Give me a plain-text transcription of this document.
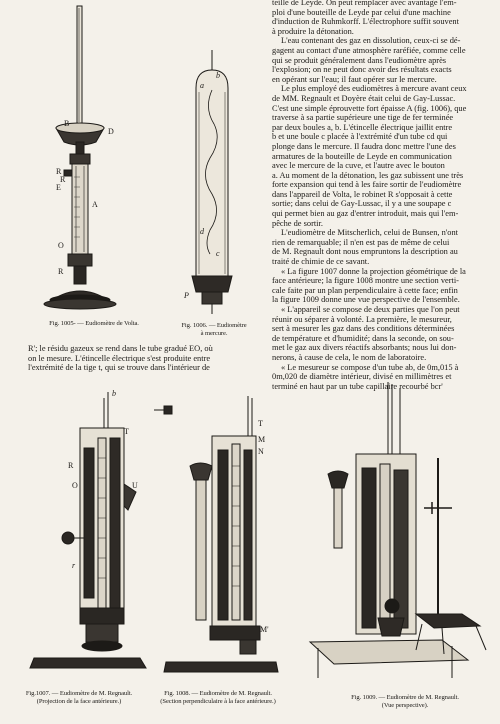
B
D
R
R
E
A
O
R
Fig. 1005- — Eudiomètre de Volta.
b
a
d
c
P
Fig. 1006. — Eudiomètre
à mercure.

R'; le résidu gazeux se rend dans le tube gradué EO, où

on le mesure. L'étincelle électrique s'est produite entre

l'extrémité de la tige t, qui se trouve dans l'intérieur de

teille de Leyde. On peut remplacer avec avantage l'em-

ploi d'une bouteille de Leyde par celui d'une machine

d'induction de Ruhmkorff. L'électrophore suffit souvent

à produire la détonation.

L'eau contenant des gaz en dissolution, ceux-ci se dé-

gagent au contact d'une atmosphère raréfiée, comme celle

qui se produit généralement dans l'eudiomètre après

l'explosion; on ne peut donc avoir des résultats exacts

en opérant sur l'eau; il faut opérer sur le mercure.

Le plus employé des eudiomètres à mercure avant ceux

de MM. Regnault et Doyère était celui de Gay-Lussac.

C'est une simple éprouvette fort épaisse A (fig. 1006), que

traverse à sa partie supérieure une tige de fer terminée

par deux boules a, b. L'étincelle électrique jaillit entre

b et une boule c placée à l'extrémité d'un tube cd qui

plonge dans le mercure. Il faudra donc mettre l'une des

armatures de la bouteille de Leyde en communication

avec le mercure de la cuve, et l'autre avec le bouton

a. Au moment de la détonation, les gaz subissent une très

forte expansion qui tend à les faire sortir de l'eudiomètre

dans l'appareil de Volta, le robinet R s'opposait à cette

sortie; dans celui de Gay-Lussac, il y a une soupape c

qui permet bien au gaz d'entrer introduit, mais qui l'em-

pêche de sortir.

L'eudiomètre de Mitscherlich, celui de Bunsen, n'ont

rien de remarquable; il n'en est pas de même de celui

de M. Regnault dont nous empruntons la description au

traité de chimie de ce savant.

« La figure 1007 donne la projection géométrique de la

face antérieure; la figure 1008 montre une section verti-

cale faite par un plan perpendiculaire à cette face; enfin

la figure 1009 donne une vue perspective de l'ensemble.

« L'appareil se compose de deux parties que l'on peut

réunir ou séparer à volonté. La première, le mesureur,

sert à mesurer les gaz dans des conditions déterminées

de température et d'humidité; dans la seconde, on sou-

met le gaz aux divers réactifs absorbants; nous lui don-

nerons, à cause de cela, le nom de laboratoire.

« Le mesureur se compose d'un tube ab, de 0m,015 à

0m,020 de diamètre intérieur, divisé en millimètres et

terminé en haut par un tube capillaire recourbé bcr'

b
T
R
O	U
r
Fig.1007. — Eudiomètre de M. Regnault.
(Projection de la face antérieure.)
T
M
N
M'
Fig. 1008. — Eudiomètre de M. Regnault.
(Section perpendiculaire à la face antérieure.)
Fig. 1009. — Eudiomètre de M. Regnault.
(Vue perspective).
